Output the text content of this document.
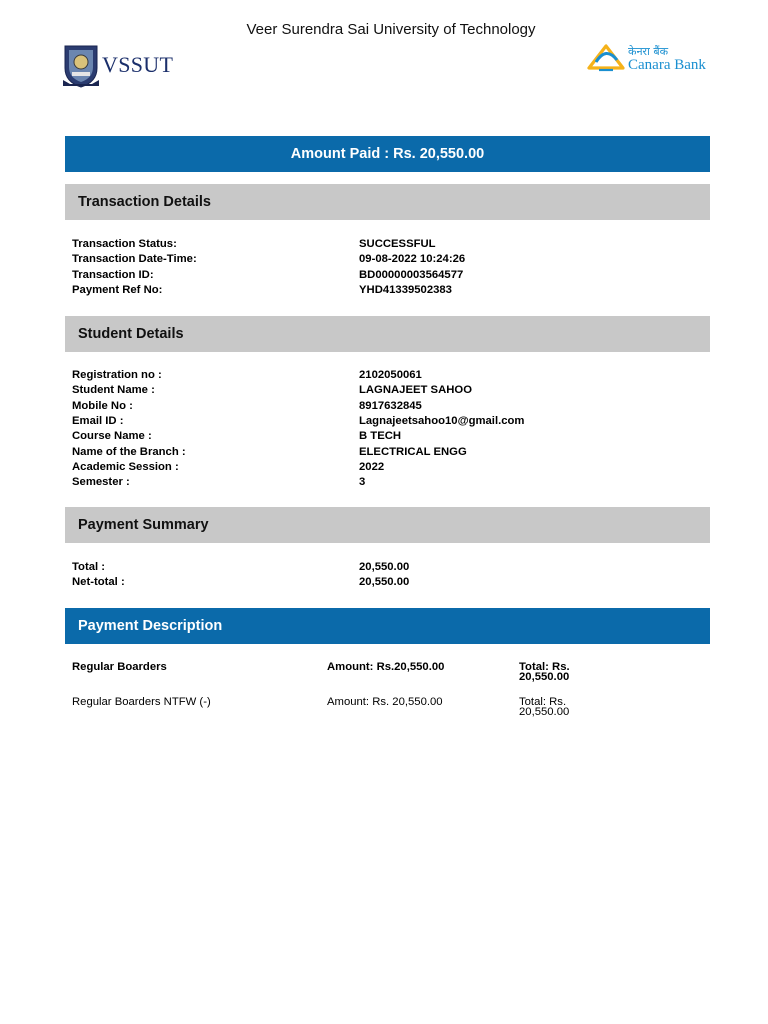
Veer Surendra Sai University of Technology
VSSUT
केनरा बैंक
Canara Bank
Amount Paid : Rs. 20,550.00
Transaction Details
Transaction Status:	SUCCESSFUL
Transaction Date-Time:	09-08-2022 10:24:26
Transaction ID:	BD00000003564577
Payment Ref No:	YHD41339502383
Student Details
Registration no :	2102050061
Student Name :	LAGNAJEET SAHOO
Mobile No :	8917632845
Email ID :	Lagnajeetsahoo10@gmail.com
Course Name :	B TECH
Name of the Branch :	ELECTRICAL ENGG
Academic Session :	2022
Semester :	3
Payment Summary
Total :	20,550.00
Net-total :	20,550.00
Payment Description
Regular Boarders	Amount: Rs.20,550.00	Total: Rs. 20,550.00
Regular Boarders NTFW (-)	Amount: Rs. 20,550.00	Total: Rs. 20,550.00
